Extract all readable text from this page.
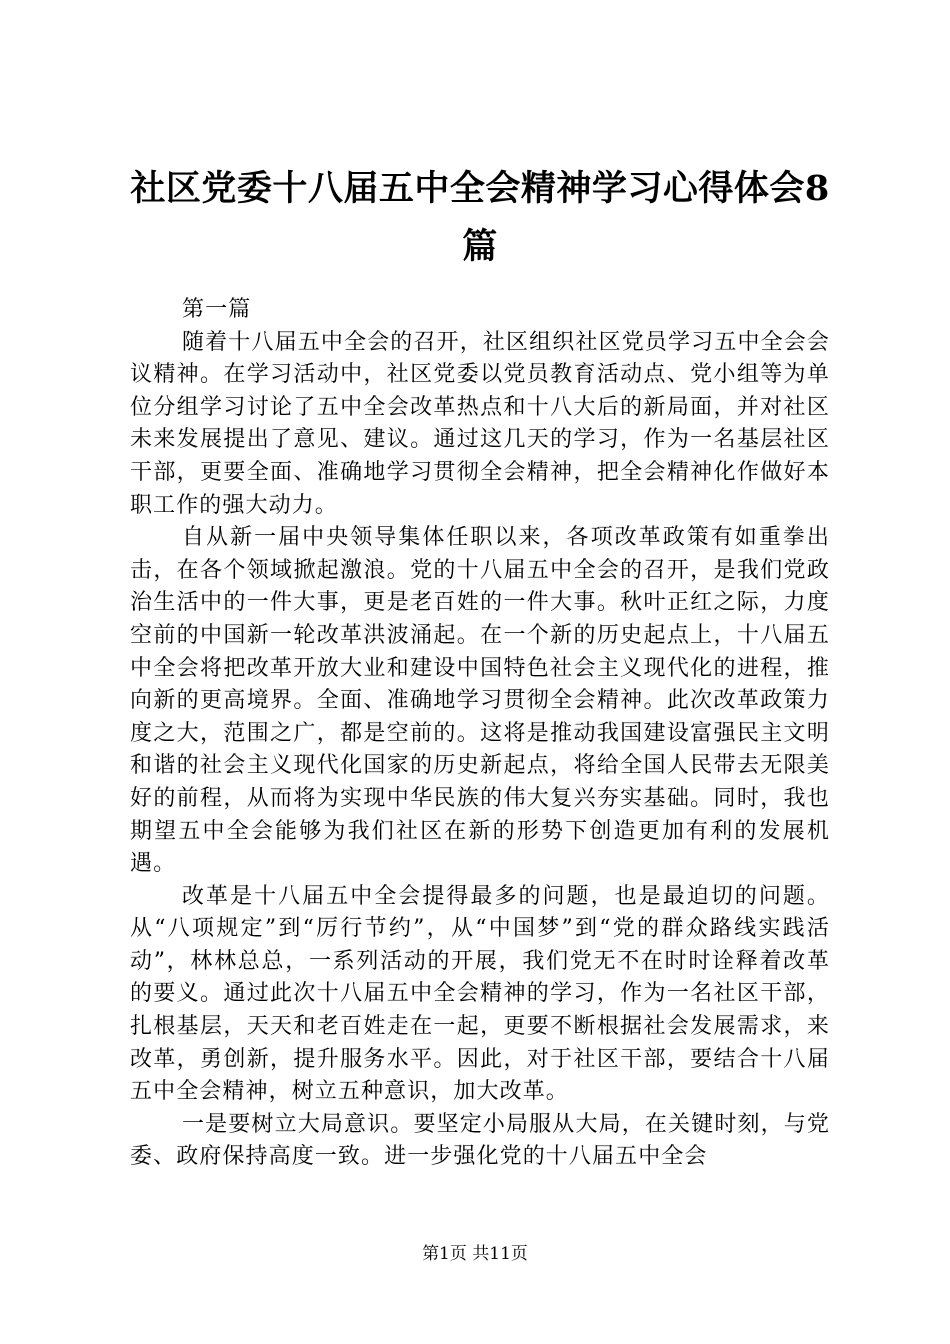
社区党委十八届五中全会精神学习心得体会8篇

第一篇

随着十八届五中全会的召开，社区组织社区党员学习五中全会会议精神。在学习活动中，社区党委以党员教育活动点、党小组等为单位分组学习讨论了五中全会改革热点和十八大后的新局面，并对社区未来发展提出了意见、建议。通过这几天的学习，作为一名基层社区干部，更要全面、准确地学习贯彻全会精神，把全会精神化作做好本职工作的强大动力。

自从新一届中央领导集体任职以来，各项改革政策有如重拳出击，在各个领域掀起激浪。党的十八届五中全会的召开，是我们党政治生活中的一件大事，更是老百姓的一件大事。秋叶正红之际，力度空前的中国新一轮改革洪波涌起。在一个新的历史起点上，十八届五中全会将把改革开放大业和建设中国特色社会主义现代化的进程，推向新的更高境界。全面、准确地学习贯彻全会精神。此次改革政策力度之大，范围之广，都是空前的。这将是推动我国建设富强民主文明和谐的社会主义现代化国家的历史新起点，将给全国人民带去无限美好的前程，从而将为实现中华民族的伟大复兴夯实基础。同时，我也期望五中全会能够为我们社区在新的形势下创造更加有利的发展机遇。

改革是十八届五中全会提得最多的问题，也是最迫切的问题。从“八项规定”到“厉行节约”，从“中国梦”到“党的群众路线实践活动”，林林总总，一系列活动的开展，我们党无不在时时诠释着改革的要义。通过此次十八届五中全会精神的学习，作为一名社区干部，扎根基层，天天和老百姓走在一起，更要不断根据社会发展需求，来改革，勇创新，提升服务水平。因此，对于社区干部，要结合十八届五中全会精神，树立五种意识，加大改革。

一是要树立大局意识。要坚定小局服从大局，在关键时刻，与党委、政府保持高度一致。进一步强化党的十八届五中全会

第1页 共11页
